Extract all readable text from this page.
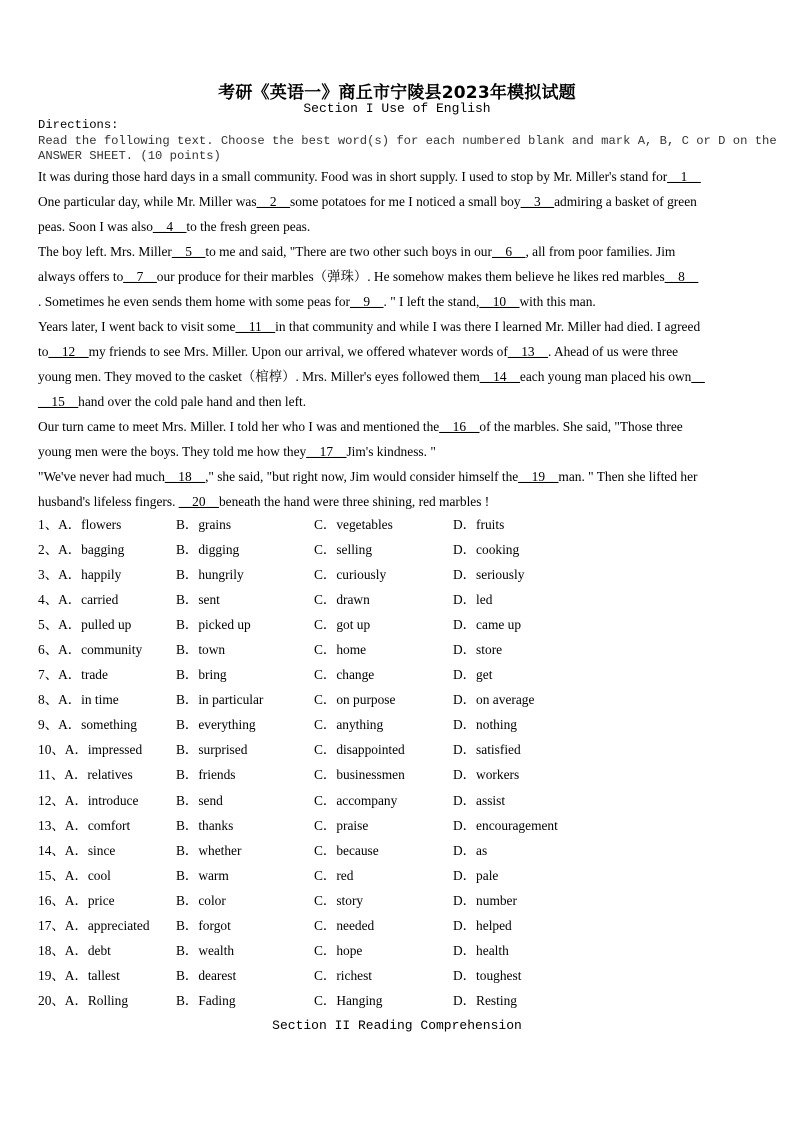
考研《英语一》商丘市宁陵县2023年模拟试题
Section I Use of English
Directions:
Read the following text. Choose the best word(s) for each numbered blank and mark A, B, C or D on the
ANSWER SHEET. (10 points)
It was during those hard days in a small community. Food was in short supply. I used to stop by Mr. Miller's stand for__1__
One particular day, while Mr. Miller was__2__some potatoes for me I noticed a small boy__3__admiring a basket of green
peas. Soon I was also__4__to the fresh green peas.
The boy left. Mrs. Miller__5__to me and said, "There are two other such boys in our__6__, all from poor families. Jim
always offers to__7__our produce for their marbles（弹珠）. He somehow makes them believe he likes red marbles__8__
. Sometimes he even sends them home with some peas for__9__. " I left the stand,__10__with this man.
Years later, I went back to visit some__11__in that community and while I was there I learned Mr. Miller had died. I agreed
to__12__my friends to see Mrs. Miller. Upon our arrival, we offered whatever words of__13__. Ahead of us were three
young men. They moved to the casket（棺椁）. Mrs. Miller's eyes followed them__14__each young man placed his own__
__15__hand over the cold pale hand and then left.
Our turn came to meet Mrs. Miller. I told her who I was and mentioned the__16__of the marbles. She said, "Those three
young men were the boys. They told me how they__17__Jim's kindness. "
"We've never had much__18__," she said, "but right now, Jim would consider himself the__19__man. " Then she lifted her
husband's lifeless fingers. __20__beneath the hand were three shining, red marbles !
1、A．flowers	B．grains	C．vegetables	D．fruits
2、A．bagging	B．digging	C．selling	D．cooking
3、A．happily	B．hungrily	C．curiously	D．seriously
4、A．carried	B．sent	C．drawn	D．led
5、A．pulled up	B．picked up	C．got up	D．came up
6、A．community	B．town	C．home	D．store
7、A．trade	B．bring	C．change	D．get
8、A．in time	B．in particular	C．on purpose	D．on average
9、A．something	B．everything	C．anything	D．nothing
10、A．impressed	B．surprised	C．disappointed	D．satisfied
11、A．relatives	B．friends	C．businessmen	D．workers
12、A．introduce	B．send	C．accompany	D．assist
13、A．comfort	B．thanks	C．praise	D．encouragement
14、A．since	B．whether	C．because	D．as
15、A．cool	B．warm	C．red	D．pale
16、A．price	B．color	C．story	D．number
17、A．appreciated B．forgot	C．needed	D．helped
18、A．debt	B．wealth	C．hope	D．health
19、A．tallest	B．dearest	C．richest	D．toughest
20、A．Rolling	B．Fading	C．Hanging	D．Resting
Section II Reading Comprehension
